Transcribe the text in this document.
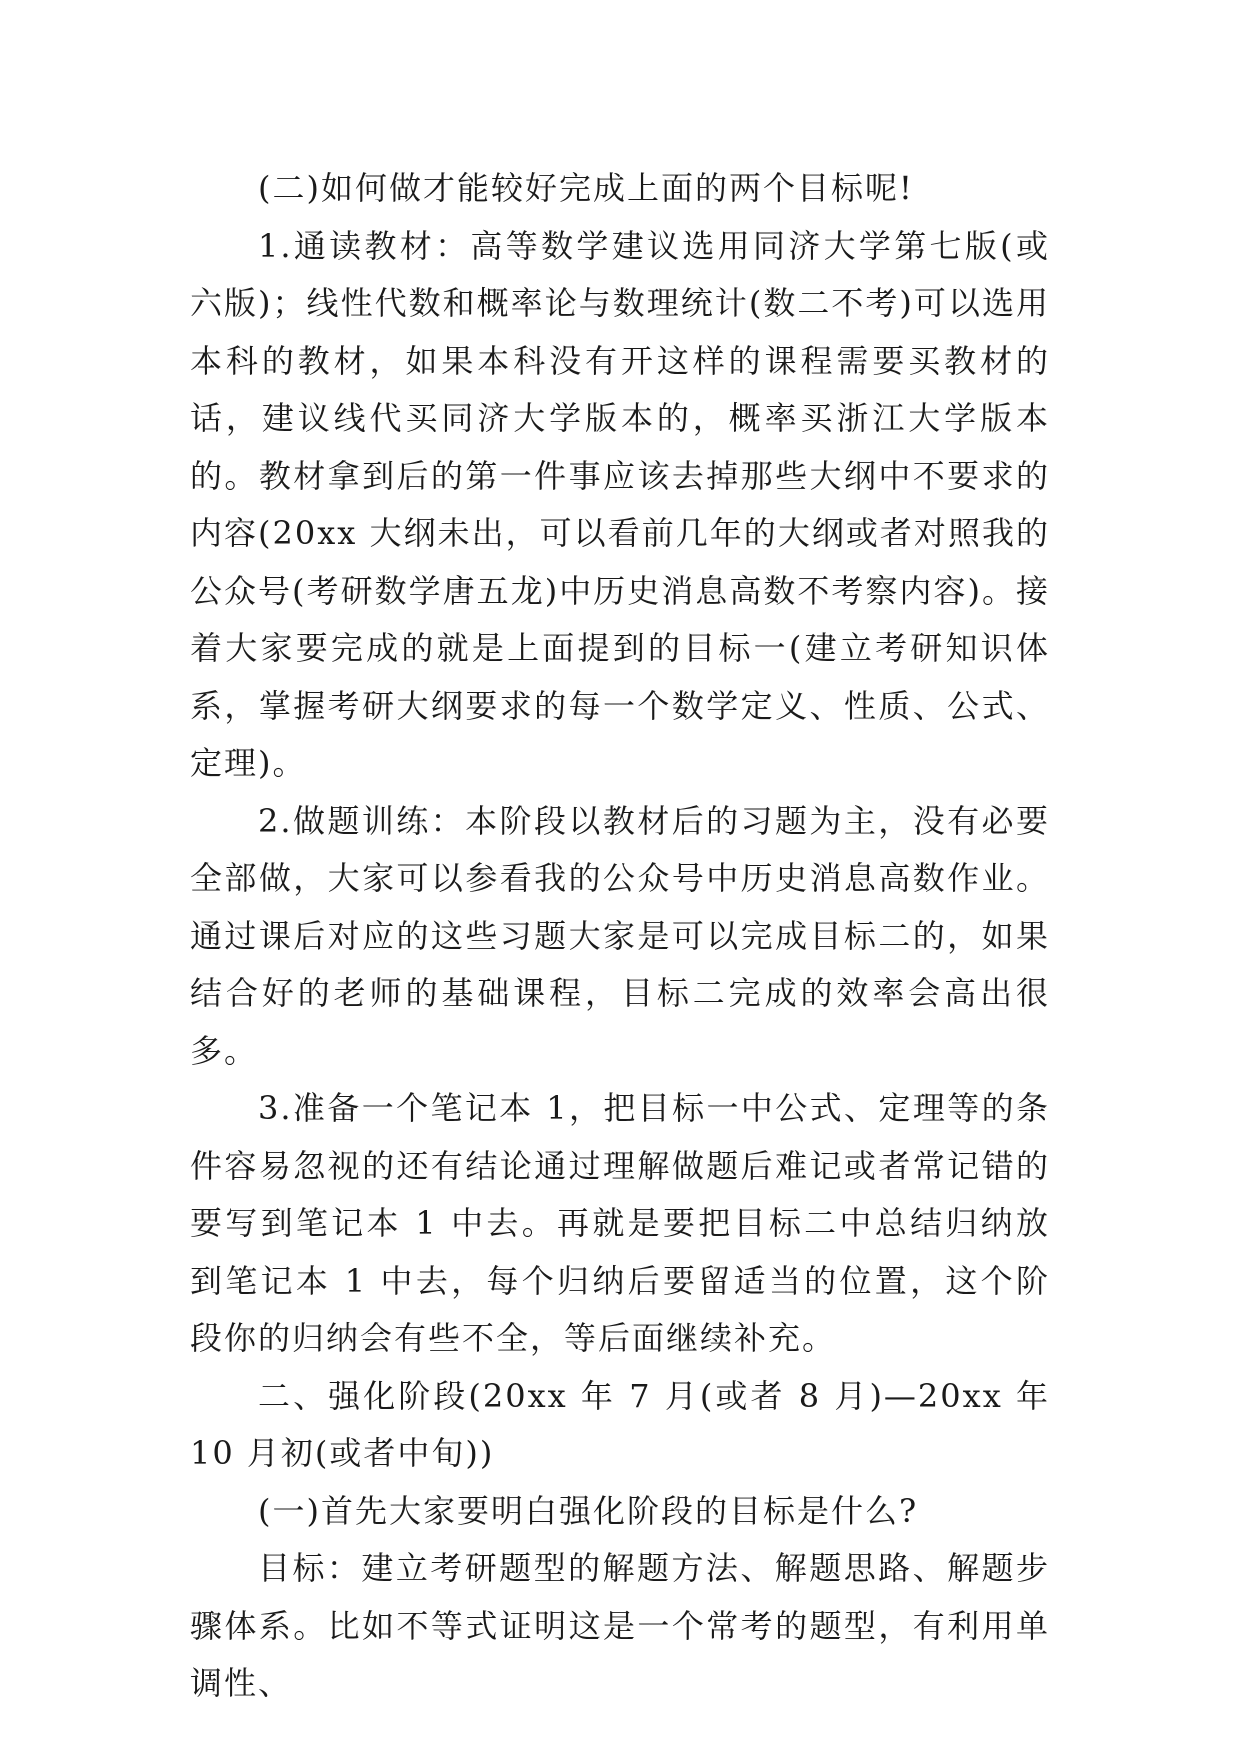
(二)如何做才能较好完成上面的两个目标呢!

1.通读教材：高等数学建议选用同济大学第七版(或六版)；线性代数和概率论与数理统计(数二不考)可以选用本科的教材，如果本科没有开这样的课程需要买教材的话，建议线代买同济大学版本的，概率买浙江大学版本的。教材拿到后的第一件事应该去掉那些大纲中不要求的内容(20xx 大纲未出，可以看前几年的大纲或者对照我的公众号(考研数学唐五龙)中历史消息高数不考察内容)。接着大家要完成的就是上面提到的目标一(建立考研知识体系，掌握考研大纲要求的每一个数学定义、性质、公式、定理)。

2.做题训练：本阶段以教材后的习题为主，没有必要全部做，大家可以参看我的公众号中历史消息高数作业。通过课后对应的这些习题大家是可以完成目标二的，如果结合好的老师的基础课程，目标二完成的效率会高出很多。

3.准备一个笔记本 1，把目标一中公式、定理等的条件容易忽视的还有结论通过理解做题后难记或者常记错的要写到笔记本 1 中去。再就是要把目标二中总结归纳放到笔记本 1 中去，每个归纳后要留适当的位置，这个阶段你的归纳会有些不全，等后面继续补充。

二、强化阶段(20xx 年 7 月(或者 8 月)—20xx 年 10 月初(或者中旬))

(一)首先大家要明白强化阶段的目标是什么?

目标：建立考研题型的解题方法、解题思路、解题步骤体系。比如不等式证明这是一个常考的题型，有利用单调性、
